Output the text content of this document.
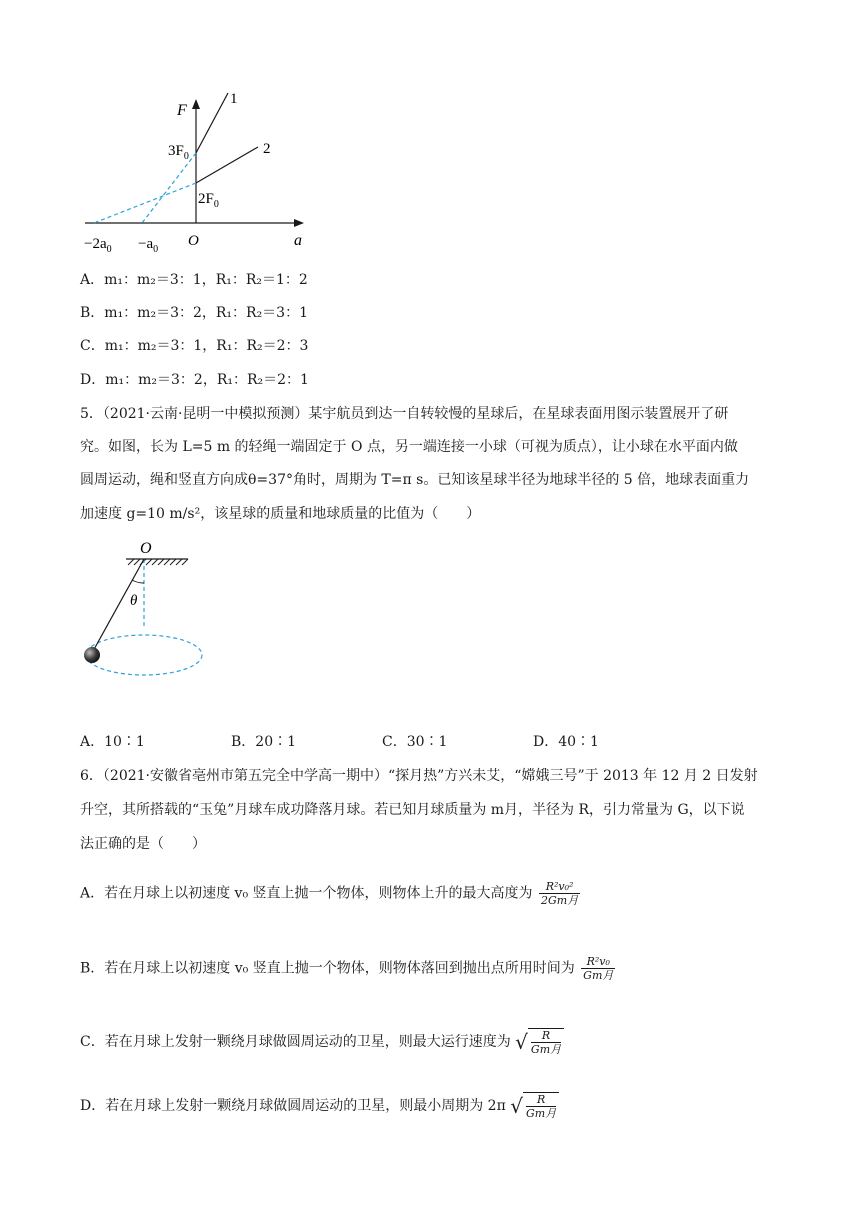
F
1
2
$3F_0$
$2F_0$
O	a
$-2a_0 -a_0$
A．m₁：m₂＝3：1，R₁：R₂＝1：2
B．m₁：m₂＝3：2，R₁：R₂＝3：1
C．m₁：m₂＝3：1，R₁：R₂＝2：3
D．m₁：m₂＝3：2，R₁：R₂＝2：1
5．（2021·云南·昆明一中模拟预测）某宇航员到达一自转较慢的星球后，在星球表面用图示装置展开了研
究。如图，长为 L=5 m 的轻绳一端固定于 O 点，另一端连接一小球（可视为质点），让小球在水平面内做
圆周运动，绳和竖直方向成θ=37°角时，周期为 T=π s。已知该星球半径为地球半径的 5 倍，地球表面重力
加速度 g=10 m/s²，该星球的质量和地球质量的比值为（　　）
O
θ
A．10∶1	B．20∶1	C．30∶1	D．40∶1
6．（2021·安徽省亳州市第五完全中学高一期中）“探月热”方兴未艾，“嫦娥三号”于 2013 年 12 月 2 日发射
升空，其所搭载的“玉兔”月球车成功降落月球。若已知月球质量为 m月，半径为 R，引力常量为 G，以下说
法正确的是（　　）
A．若在月球上以初速度 v₀ 竖直上抛一个物体，则物体上升的最大高度为 $\frac{\text{R²v₀²}}{\text{2Gm月}}$
B．若在月球上以初速度 v₀ 竖直上抛一个物体，则物体落回到抛出点所用时间为 $\frac{\text{R²v₀}}{\text{Gm月}}$
C．若在月球上发射一颗绕月球做圆周运动的卫星，则最大运行速度为 √ $\frac{R}{\text{Gm月}}$
D．若在月球上发射一颗绕月球做圆周运动的卫星，则最小周期为 2π √ $\frac{R}{\text{Gm月}}$
